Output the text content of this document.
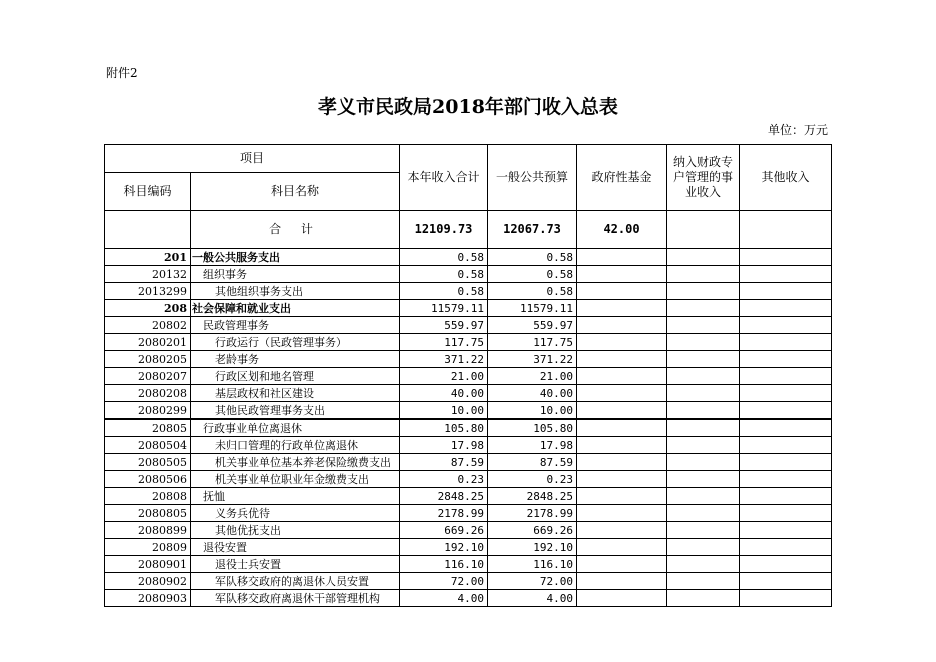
附件2
孝义市民政局2018年部门收入总表
单位：万元
项目		本年收入合计	一般公共预算	政府性基金	纳入财政专户管理的事业收入	其他收入
科目编码	科目名称					
	合 计	12109.73	12067.73	42.00		
201	一般公共服务支出	0.58	0.58			
20132	组织事务	0.58	0.58			
2013299	其他组织事务支出	0.58	0.58			
208	社会保障和就业支出	11579.11	11579.11			
20802	民政管理事务	559.97	559.97			
2080201	行政运行（民政管理事务）	117.75	117.75			
2080205	老龄事务	371.22	371.22			
2080207	行政区划和地名管理	21.00	21.00			
2080208	基层政权和社区建设	40.00	40.00			
2080299	其他民政管理事务支出	10.00	10.00			
20805	行政事业单位离退休	105.80	105.80			
2080504	未归口管理的行政单位离退休	17.98	17.98			
2080505	机关事业单位基本养老保险缴费支出	87.59	87.59			
2080506	机关事业单位职业年金缴费支出	0.23	0.23			
20808	抚恤	2848.25	2848.25			
2080805	义务兵优待	2178.99	2178.99			
2080899	其他优抚支出	669.26	669.26			
20809	退役安置	192.10	192.10			
2080901	退役士兵安置	116.10	116.10			
2080902	军队移交政府的离退休人员安置	72.00	72.00			
2080903	军队移交政府离退休干部管理机构	4.00	4.00			
